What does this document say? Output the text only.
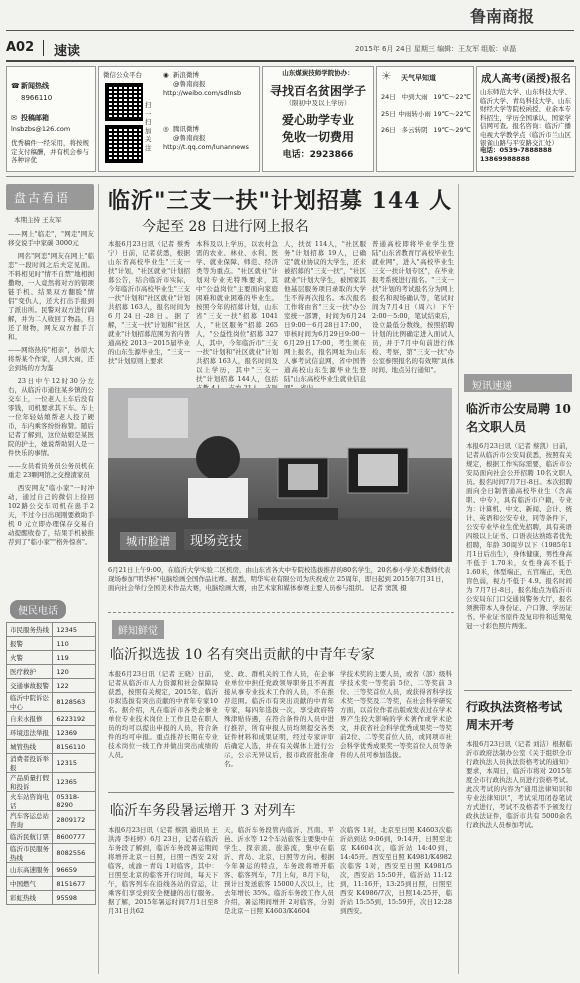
鲁南商报
A02 速读	2015年 6月 24日 星期三 编辑：王友军 组版：卓磊
☎ 新闻热线
8966110
✉ 投稿邮箱
lnsbzbs@126.com
优秀稿件一经采用，将按规定支付稿酬，并有机会参与各种评优
微信公众平台	◉ 新浪微博
@鲁南商报
http://weibo.com/sdlnsb
扫一扫加关注
◎ 腾讯微博
@鲁南商报
http://t.qq.com/lunannews
山东煤炭技师学院协办：
寻找百名贫困学子
（限初中及以上学历）
爱心助学专业
免收一切费用
电话：2923866
☀ 天气早知道
24日 中到大雨 19℃～22℃
25日 中雨转小雨 19℃～22℃
26日 多云转阴 19℃～29℃
成人高考(函授)报名
山东师范大学、山东科技大学、临沂大学、青岛科技大学、山东财经大学等院校函授、业余本专科招生，学历全国承认，国家学信网可查。报名咨询：临沂广播电视大学教学点（临沂市兰山区银雀山路与平安路交汇处）
电话：0539-7888888 13869988888
盘古看语
本期主持 王友军

——网上"临走"，"网走"网友移交说手中家碳 3000元

网名"阿恋"网友在网上"临恋"一段时间之后夫定见面。不料相见时"情不自禁"地相拥撒吻，一人竟然将对方的银项链手机、结果双方翻脸"情侣"变仇人，还大打出手报到了派出所。民警对双方进行调解，并为二人收回了物品，归还了财物，网友双方握手言和。

——网络热传"相亲"，妙原大将帮某个作家，人到大雨，还会到场的方为鉴

23日中午12时30分左右，从临沂市通往某乡镇的公交车上，一位老人上车后没有零钱，司机要求其下车。车上一位年轻姑娘帮老人投了硬币，车内乘客纷纷称赞。随后记者了解到，这位姑娘是某医院的护士，她说帮助别人是一件快乐的事情。

——女员看员务员公务员机在重走 23颗网馆之交搜渣家员

西安网友"临小家"一时冲动，通过自己的微信上捡回102路公交车司机在患手2天，不过今日出现刚要救助手机 0 元立即办理保存交易自动提醒收卷了，结果手机被推荐到了"临小家""格外惊喜"。

便民电话
市民服务热线	12345
报警	110
火警	119
医疗救护	120
交通事故报警	122
临沂中院诉讼中心	8128563
自来水报修	6223192
环境违法举报	12369
城管热线	8156110
消费者投诉举报	12315
产品质量打假和投诉	12365
火车站咨询电话	05318-8290
汽车客运总站咨询	2809172
临沂民航订票	8600777
临沂市民服务热线	8082556
山东高速服务	96659
中国燃气	8151677
彩虹热线	95598
临沂"三支一扶"计划招募 144 人
今起至 28 日进行网上报名
本报6月23日讯（记者 蔡秀宁）日前，记者获悉，根据山东省高校毕业生"三支一扶"计划，"社区就业"计划招募公告，结合临沂市实际，今年临沂市高校毕业生"三支一扶"计划和"社区就业"计划共招募 163人，报名时间为6月24日-28日。据了解，"三支一扶"计划和"社区就业"计划招募范围为省内普通高校 2013－2015届毕业的山东生源毕业生，"三支一扶"计划原则上要求
本科及以上学历，以农村急需的农业、林业、水利、医学、就业保障、师范、经济类等为重点。"社区就业"计划对专业无特殊要求，其中"公益岗位"主要面向家庭困难和就业困难的毕业生。按照今年的招募计划，山东省"三支一扶"招募 1041人，"社区服务"招募 265人，"公益性岗位"招募 327人，其中，今年临沂市"三支一扶"计划和"社区就业"计划共招募 163人，报名时间及以上学历，其中"三支一扶"计划招募 144人，包括
人，扶贫 114人，"社区服务"计划招募 19人，已确定"就业协议的大学生，还来被招募的"三支一扶"，"社区就业"计划大学生，被国家其他基层服务项目录取的大学生不得再次报名。本次报名工作将由省"三支一扶"办公室统一部署，时间为6月24日9:00－6月28日17:00，审核时间为6月29日9:00－6月29日17:00，考生须在网上报名，报名网址为山东人事考试信息网，省中国普通高校山东生源毕业生登陆"山东高校毕业生就业信息
普通高校即将毕业学生登陆"山东省教育厅高校毕业生就业网"，进入"高校毕业生三支一扶计划专区"，在毕业报考系统进行报名。"三支一扶"计划的考试报名分为网上报名和现场确认等，笔试时间为7月4日（周六）下午2:00－5:00，笔试结束后，设立最低分数线，按照招聘计划的比例确定进入面试人员，并于7月中旬前进行体检、考察，第"三支一扶"办公室参照报名的有效期"具体时间、地点另行通知"。
城市脸谱	现场竞技
6月21日上午9:00，在临沂大学实验二区机房，由山东省各大中专院校选拔推荐的80名学生，20名参小学美术教师代表现场参加"明华杯"电脑绘画全国作品比赛。据悉，明华实业有限公司为庆祝成立 25周年，即日起到 2015年7月31日，面向社会举行全国美术作品大赛，电脑绘画大赛，由艺术家和媒体参赛主要人员参与组织。 记者 窦凯 摄
鲜知鲜觉
临沂拟选拔 10 名有突出贡献的中青年专家
本报6月23日讯（记者 王晓）日前，记者从临沂市人力资源和社会保障局获悉，按照有关规定，2015年，临沂市拟选拔有突出贡献的中青年专家10名。据介绍，凡在临沂市各类企事业单位专业技术岗位上工作且是在职人员的均可以提出申报的人员，符合条件的均可申报。重点推荐长期在专业技术岗位一线工作并做出突出成绩的人员。
党、政、群机关的工作人员，在企事业单位中担任党政领导职务且不再直接从事专业技术工作的人员，不在推荐范围。临沂市有突出贡献的中青年专家，每四年选拔一次，享受政府特殊津贴待遇，在符合条件的人员中进行推荐，所有申报人员均须提交各类证件材料和成果证明，经过专家评审后确定人选，并在有关媒体上进行公示，公示无异议后，报市政府批准命名。
学技术奖的主要人员，或省（部）级科学技术奖一等奖前 5位、二等奖前 3位、三等奖首位人员，或获得省科学技术奖一等奖及二等奖，在社会科学研究方面，以首位作者出版或发表过在学术界产生较大影响的学术著作或学术论文，并获省社会科学优秀成果奖一等奖前2位、二等奖首位人员，或同项市社会科学优秀成果奖一等奖首位人员等条件的人员可参加选拔。
临沂车务段暑运增开 3 对列车
本报6月23日讯（记者 蔡凯 通讯员 王洪涛 李桂婷）6月 23日，记者在临沂车务段了解到，临沂车务段暑运期间将增开北京－日照，日照－西安 2对临客，成渝－青岛 1对临客，其中：日照至北京的临客开行时间，每天下午，临客列车在沿线各站的营运，让乘客们享受到安全便捷的出行服务。据了解，2015年暑运时间7月1日至8月31日共62
天，临沂车务段管内临沂、莒南、平邑、沂水等 12个车站旅客主要集中在学生、探亲流、旅游流，集中在临沂、青岛、北京、日照等方向。根据今年暑运的特点，车务段将增开临客、临客列车，7月上旬，8月下旬，预计日发送旅客 15000人次以上，比去年增长 35%。临沂车务段工作人员介绍，暑运期间增开 2对临客，分别是北京－日照 K4603/K4604
次临客 1对，北京至日照 K4603次临沂站到达 9:06到，9:14开，日照至北京 K4604次，临沂站 14:40到，14:45开。西安至日照 K4981/K4982次临客 1对，西安至日照 K4981/5次，西安站 15:50开，临沂站 11:12到，11:16开，13:25到日照，日照至西安 K4986/7次，日照14:25开，临沂站 15:55到，15:59开，次日12:28到西安。
短讯速递
临沂市公安局聘 10 名文职人员
本报6月23日讯（记者 蔡凯）日前，记者从临沂市公安局获悉，按照有关规定，根据工作实际需要，临沂市公安局面向社会公开招聘 10名文职人员。报名时间7月7日-8日。本次招聘面向全日制普通高校毕业生（含高职、中专），具有临沂市户籍，专业为：计算机、中文、新闻、会计、统计、英语和公安专业，同等条件下，公安专业毕业生优先招聘，具有英语四级以上证书、口语表达熟练者优先招聘，年龄 30周岁以下（1985年1月1日后出生），身体健康，男性身高不低于 1.70米，女性身高不低于 1.60米，体型端正，五官端正，无色盲色弱，视力不低于 4.9。报名时间为 7月7日-8日，报名地点为临沂市公安局东门口交通岗警务大厅，报名须携带本人身份证、户口簿、学历证书、毕业证书原件及复印件和近期免冠一寸彩色照片两张。
行政执法资格考试周末开考
本报6月23日讯（记者 刘洁）根据临沂市政府法制办公室《关于组织全市行政执法人员执法资格考试的通知》要求，本周日，临沂市将对 2015年度全市行政执法人员进行资格考试。此次考试的内容为"通用法律知识和专业法律知识"，考试采用闭卷笔试方式进行，考试不及格者不予颁发行政执法证件，临沂市共有 5000余名行政执法人员参加考试。
